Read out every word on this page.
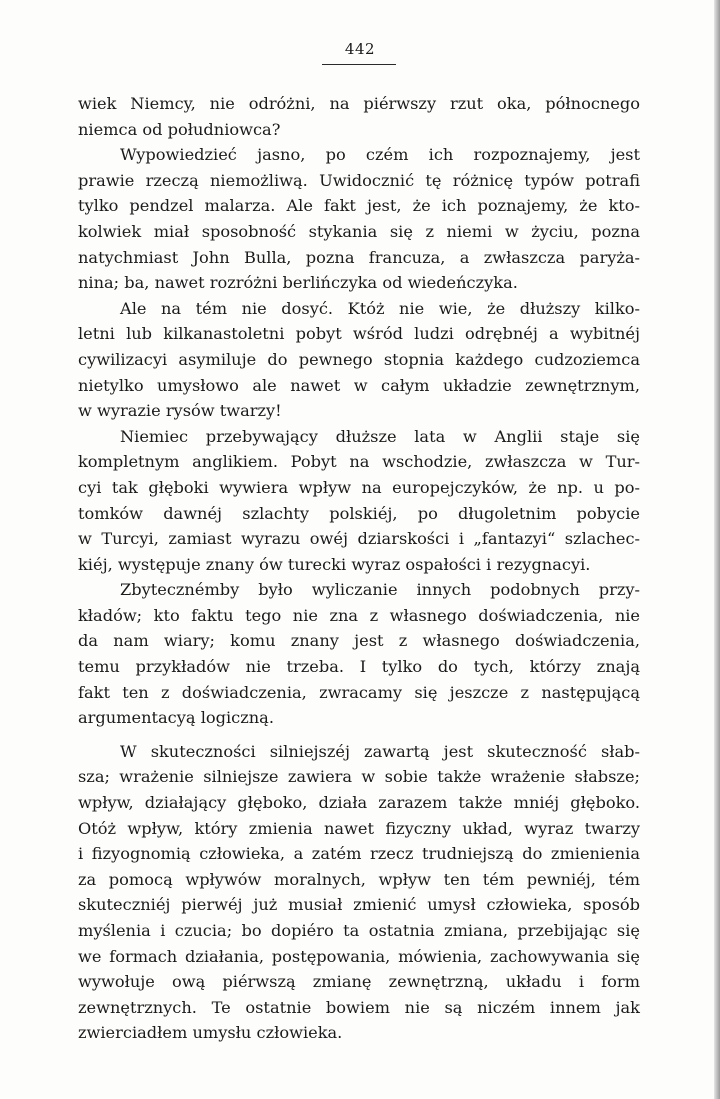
442
wiek Niemcy, nie odróżni, na piérwszy rzut oka, północnego
niemca od południowca?
Wypowiedzieć jasno, po czém ich rozpoznajemy, jest
prawie rzeczą niemożliwą. Uwidocznić tę różnicę typów potrafi
tylko pendzel malarza. Ale fakt jest, że ich poznajemy, że kto-
kolwiek miał sposobność stykania się z niemi w życiu, pozna
natychmiast John Bulla, pozna francuza, a zwłaszcza paryża-
nina; ba, nawet rozróżni berlińczyka od wiedeńczyka.
Ale na tém nie dosyć. Któż nie wie, że dłuższy kilko-
letni lub kilkanastoletni pobyt wśród ludzi odrębnéj a wybitnéj
cywilizacyi asymiluje do pewnego stopnia każdego cudzoziemca
nietylko umysłowo ale nawet w całym układzie zewnętrznym,
w wyrazie rysów twarzy!
Niemiec przebywający dłuższe lata w Anglii staje się
kompletnym anglikiem. Pobyt na wschodzie, zwłaszcza w Tur-
cyi tak głęboki wywiera wpływ na europejczyków, że np. u po-
tomków dawnéj szlachty polskiéj, po długoletnim pobycie
w Turcyi, zamiast wyrazu owéj dziarskości i „fantazyi“ szlachec-
kiéj, występuje znany ów turecki wyraz ospałości i rezygnacyi.
Zbytecznémby było wyliczanie innych podobnych przy-
kładów; kto faktu tego nie zna z własnego doświadczenia, nie
da nam wiary; komu znany jest z własnego doświadczenia,
temu przykładów nie trzeba. I tylko do tych, którzy znają
fakt ten z doświadczenia, zwracamy się jeszcze z następującą
argumentacyą logiczną.
W skuteczności silniejszéj zawartą jest skuteczność słab-
sza; wrażenie silniejsze zawiera w sobie także wrażenie słabsze;
wpływ, działający głęboko, działa zarazem także mniéj głęboko.
Otóż wpływ, który zmienia nawet fizyczny układ, wyraz twarzy
i fizyognomią człowieka, a zatém rzecz trudniejszą do zmienienia
za pomocą wpływów moralnych, wpływ ten tém pewniéj, tém
skuteczniéj pierwéj już musiał zmienić umysł człowieka, sposób
myślenia i czucia; bo dopiéro ta ostatnia zmiana, przebijając się
we formach działania, postępowania, mówienia, zachowywania się
wywołuje ową piérwszą zmianę zewnętrzną, układu i form
zewnętrznych. Te ostatnie bowiem nie są niczém innem jak
zwierciadłem umysłu człowieka.
